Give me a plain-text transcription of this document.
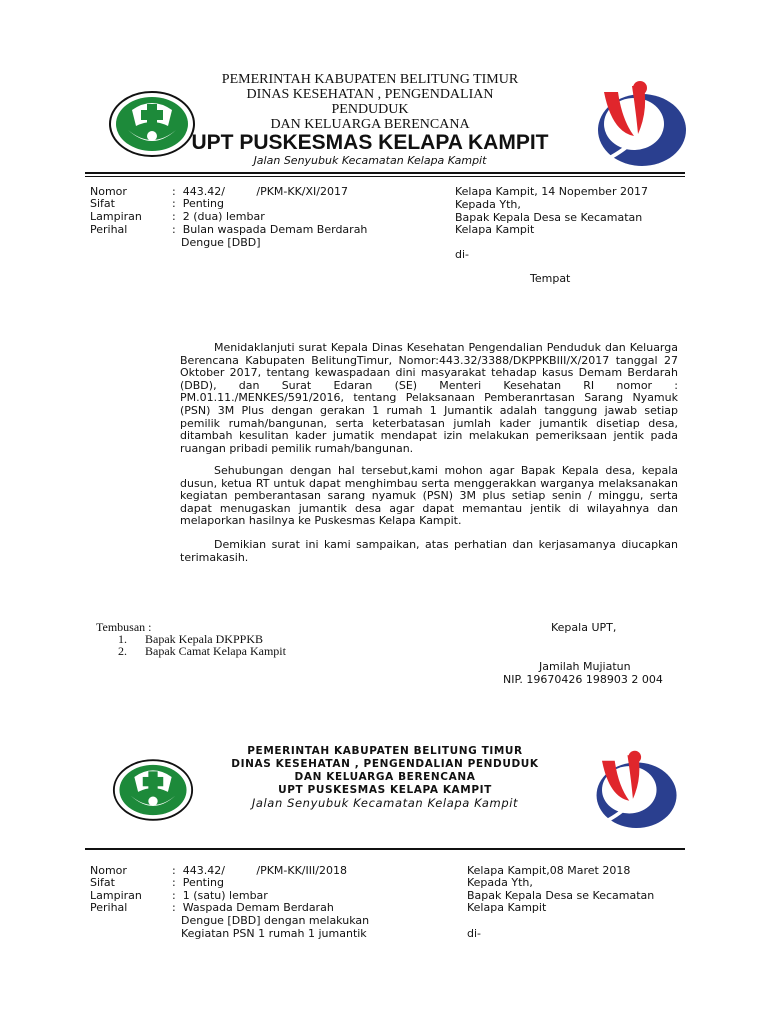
PEMERINTAH KABUPATEN BELITUNG TIMUR
DINAS KESEHATAN , PENGENDALIAN
PENDUDUK
DAN KELUARGA BERENCANA
UPT PUSKESMAS KELAPA KAMPIT
Jalan Senyubuk Kecamatan Kelapa Kampit
Nomor	:  443.42/         /PKM-KK/XI/2017
Sifat	:  Penting
Lampiran	:  2 (dua) lembar
Perihal	:  Bulan waspada Demam Berdarah
Dengue [DBD]
Kelapa Kampit, 14 Nopember 2017
Kepada Yth,
Bapak Kepala Desa se Kecamatan
Kelapa Kampit
di-
Tempat
Menidaklanjuti surat Kepala Dinas Kesehatan Pengendalian Penduduk dan Keluarga
Berencana Kabupaten BelitungTimur, Nomor:443.32/3388/DKPPKBIII/X/2017 tanggal 27
Oktober 2017, tentang kewaspadaan dini masyarakat tehadap kasus Demam Berdarah
(DBD), dan Surat Edaran (SE) Menteri Kesehatan RI nomor :
PM.01.11./MENKES/591/2016, tentang Pelaksanaan Pemberanrtasan Sarang Nyamuk
(PSN) 3M Plus dengan gerakan 1 rumah 1 Jumantik adalah tanggung jawab setiap
pemilik rumah/bangunan, serta keterbatasan jumlah kader jumantik disetiap desa,
ditambah kesulitan kader jumatik mendapat izin melakukan pemeriksaan jentik pada
ruangan pribadi pemilik rumah/bangunan.
Sehubungan dengan hal tersebut,kami mohon agar Bapak Kepala desa, kepala
dusun, ketua RT untuk dapat menghimbau serta menggerakkan warganya melaksanakan
kegiatan pemberantasan sarang nyamuk (PSN) 3M plus setiap senin / minggu, serta
dapat menugaskan jumantik desa agar dapat memantau jentik di wilayahnya dan
melaporkan hasilnya ke Puskesmas Kelapa Kampit.
Demikian surat ini kami sampaikan, atas perhatian dan kerjasamanya diucapkan
terimakasih.
Tembusan :
1.      Bapak Kepala DKPPKB
2.      Bapak Camat Kelapa Kampit
Kepala UPT,
Jamilah Mujiatun
NIP. 19670426 198903 2 004
PEMERINTAH KABUPATEN BELITUNG TIMUR
DINAS KESEHATAN , PENGENDALIAN PENDUDUK
DAN KELUARGA BERENCANA
UPT PUSKESMAS KELAPA KAMPIT
Jalan Senyubuk Kecamatan Kelapa Kampit
Nomor	:  443.42/         /PKM-KK/III/2018
Sifat	:  Penting
Lampiran	:  1 (satu) lembar
Perihal	:  Waspada Demam Berdarah
Dengue [DBD] dengan melakukan
Kegiatan PSN 1 rumah 1 jumantik
Kelapa Kampit,08 Maret 2018
Kepada Yth,
Bapak Kepala Desa se Kecamatan
Kelapa Kampit
di-
